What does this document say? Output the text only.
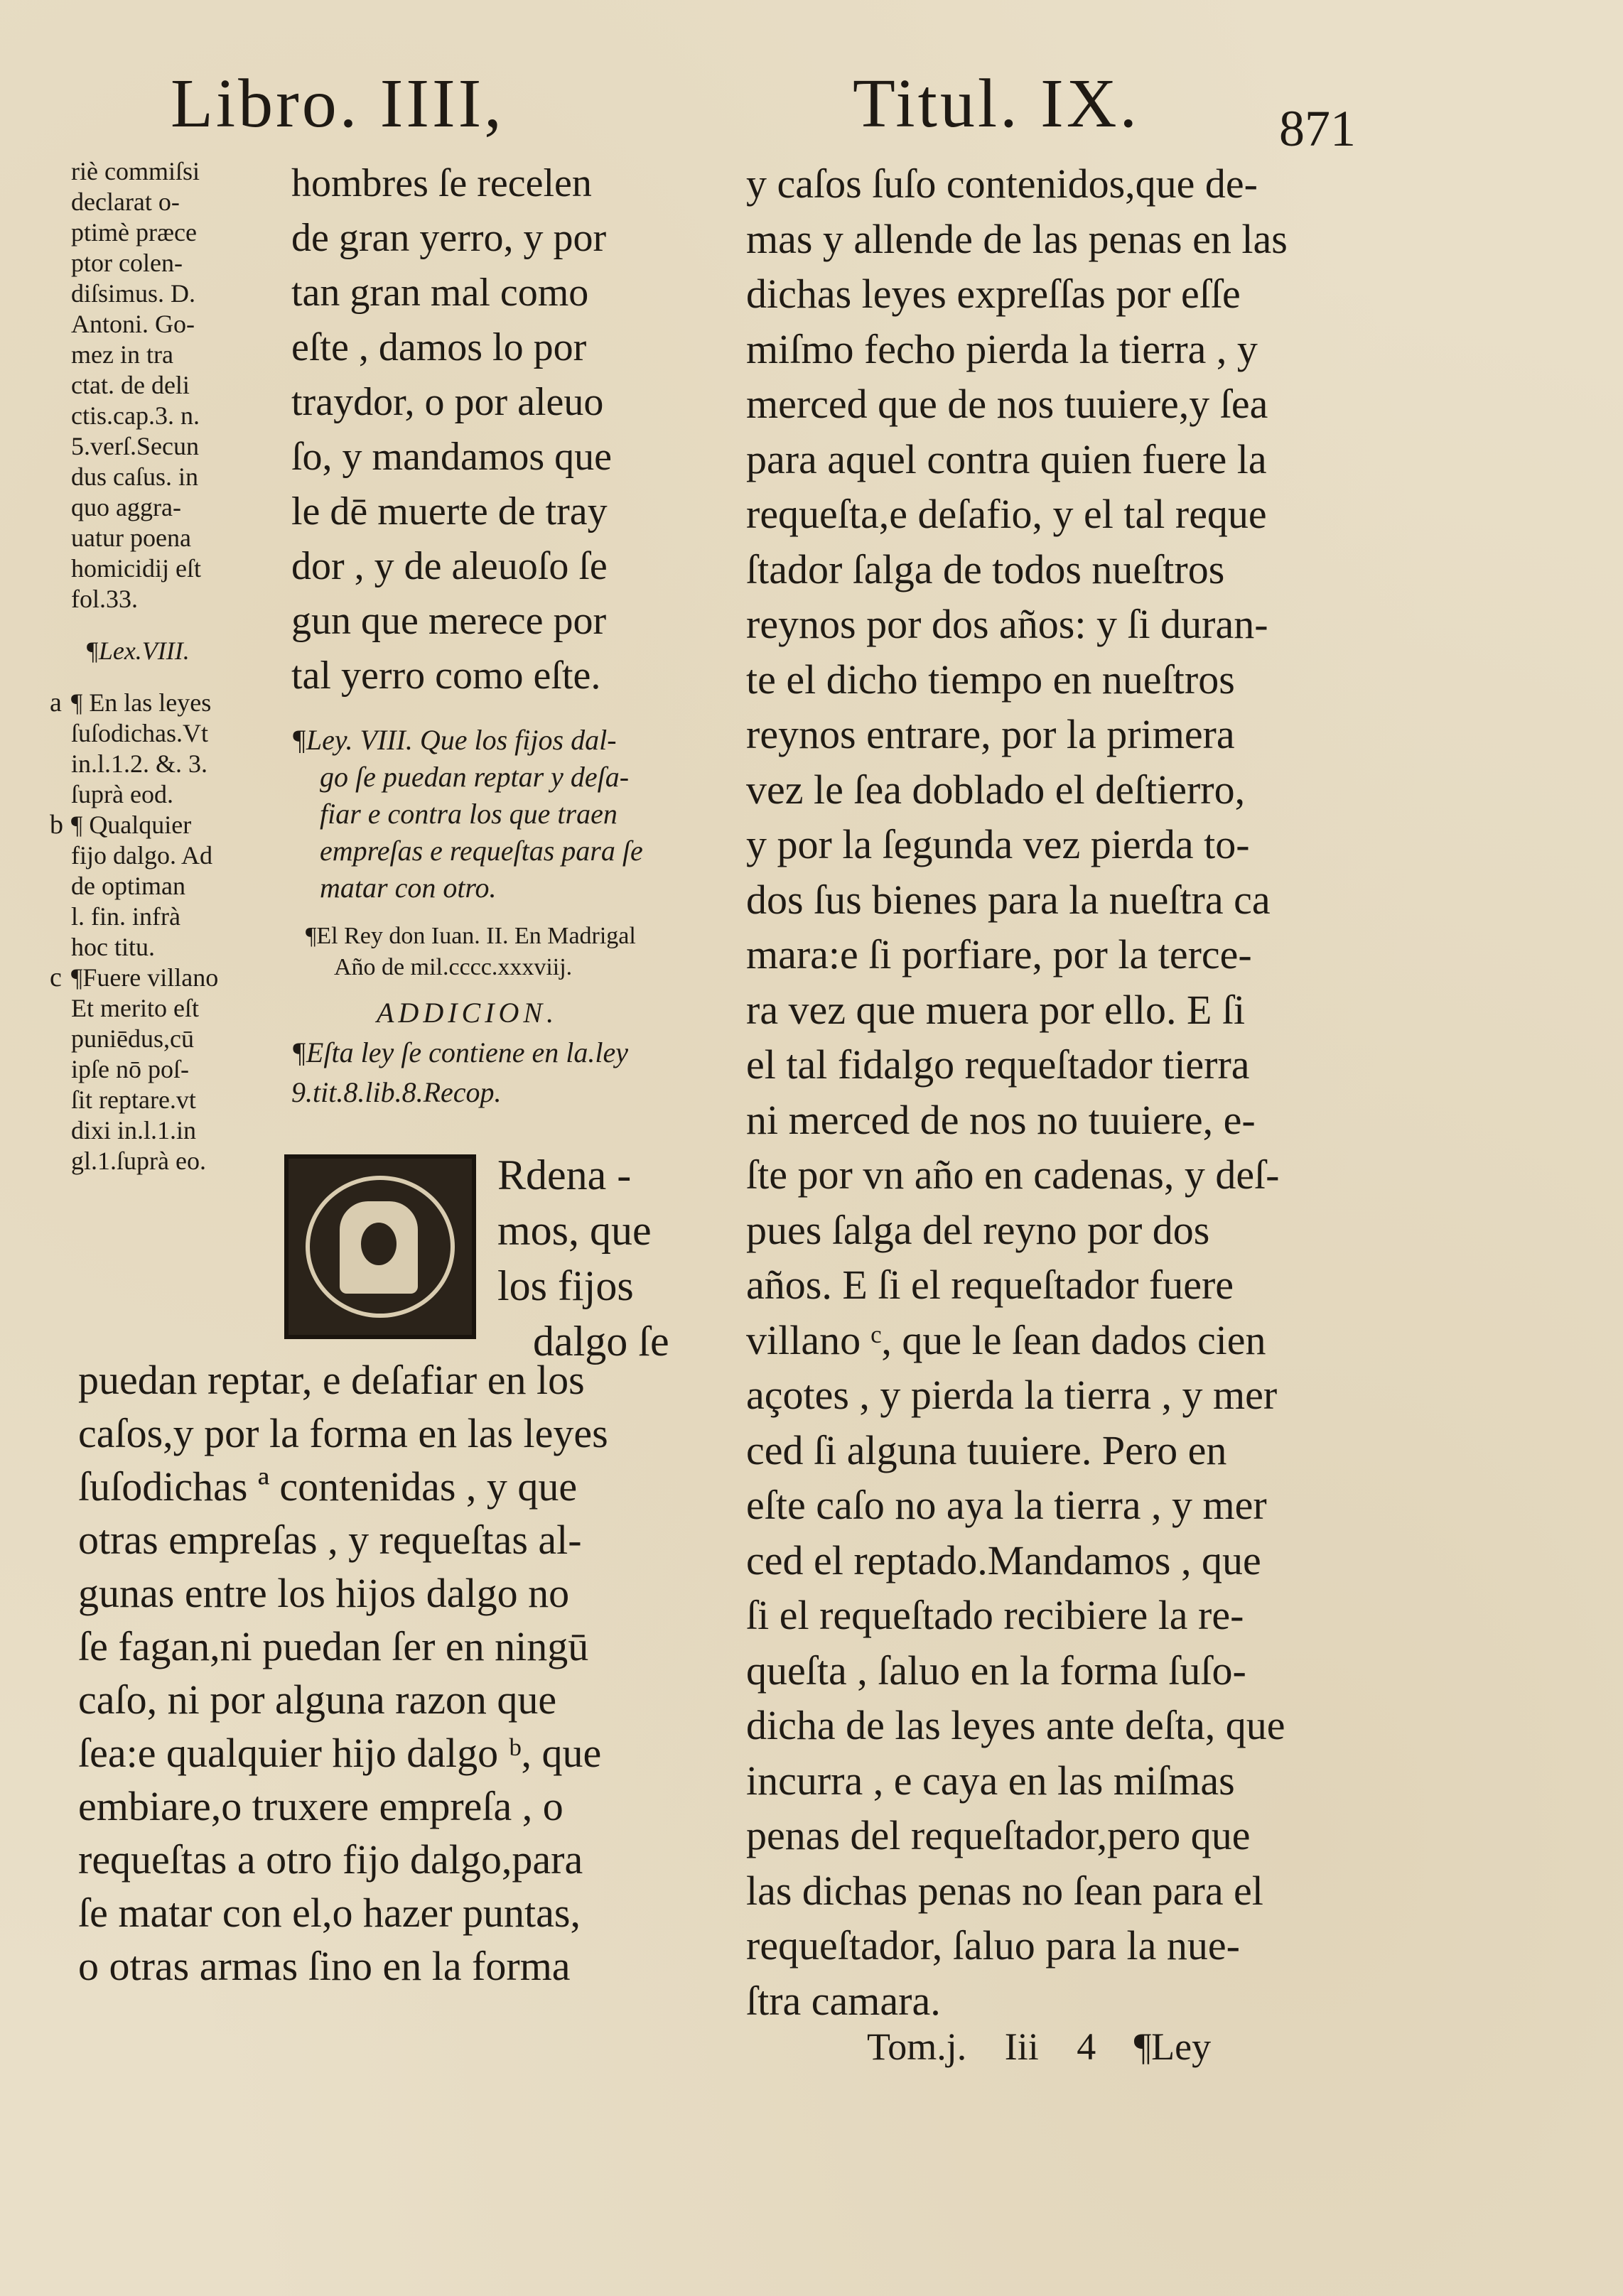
Libro. IIII,	Titul. IX.	871
riè commiſsi
declarat o-
ptimè præce
ptor colen-
diſsimus. D.
Antoni. Go-
mez in tra
ctat. de deli
ctis.cap.3. n.
5.verſ.Secun
dus caſus. in
quo aggra-
uatur poena
homicidij eſt
fol.33.

¶Lex.VIII.

a ¶ En las leyes
ſuſodichas.Vt
in.l.1.2. &. 3.
ſuprà eod.
b ¶ Qualquier
fijo dalgo. Ad
de optiman
l. fin. infrà
hoc titu.
c ¶Fuere villano
Et merito eſt
puniēdus,cū
ipſe nō poſ-
ſit reptare.vt
dixi in.l.1.in
gl.1.ſuprà eo.
hombres ſe recelen
de gran yerro, y por
tan gran mal como
eſte , damos lo por
traydor, o por aleuo
ſo, y mandamos que
le dē muerte de tray
dor , y de aleuoſo ſe
gun que merece por
tal yerro como eſte.
¶Ley. VIII. Que los fijos dal-
go ſe puedan reptar y deſa-
fiar e contra los que traen
empreſas e requeſtas para ſe
matar con otro.
¶El Rey don Iuan. II. En Madrigal
Año de mil.cccc.xxxviij.
ADDICION.
¶Eſta ley ſe contiene en la.ley
9.tit.8.lib.8.Recop.
Rdena -
mos, que
los fijos
dalgo ſe
puedan reptar, e deſafiar en los
caſos,y por la forma en las leyes
ſuſodichas ª contenidas , y que
otras empreſas , y requeſtas al-
gunas entre los hijos dalgo no
ſe fagan,ni puedan ſer en ningū
caſo, ni por alguna razon que
ſea:e qualquier hijo dalgo ᵇ, que
embiare,o truxere empreſa , o
requeſtas a otro fijo dalgo,para
ſe matar con el,o hazer puntas,
o otras armas ſino en la forma
y caſos ſuſo contenidos,que de-
mas y allende de las penas en las
dichas leyes expreſſas por eſſe
miſmo fecho pierda la tierra , y
merced que de nos tuuiere,y ſea
para aquel contra quien fuere la
requeſta,e deſafio, y el tal reque
ſtador ſalga de todos nueſtros
reynos por dos años: y ſi duran-
te el dicho tiempo en nueſtros
reynos entrare, por la primera
vez le ſea doblado el deſtierro,
y por la ſegunda vez pierda to-
dos ſus bienes para la nueſtra ca
mara:e ſi porfiare, por la terce-
ra vez que muera por ello. E ſi
el tal fidalgo requeſtador tierra
ni merced de nos no tuuiere, e-
ſte por vn año en cadenas, y deſ-
pues ſalga del reyno por dos
años. E ſi el requeſtador fuere
villano ᶜ, que le ſean dados cien
açotes , y pierda la tierra , y mer
ced ſi alguna tuuiere. Pero en
eſte caſo no aya la tierra , y mer
ced el reptado.Mandamos , que
ſi el requeſtado recibiere la re-
queſta , ſaluo en la forma ſuſo-
dicha de las leyes ante deſta, que
incurra , e caya en las miſmas
penas del requeſtador,pero que
las dichas penas no ſean para el
requeſtador, ſaluo para la nue-
ſtra camara.
Tom.j. Iii 4 ¶Ley
